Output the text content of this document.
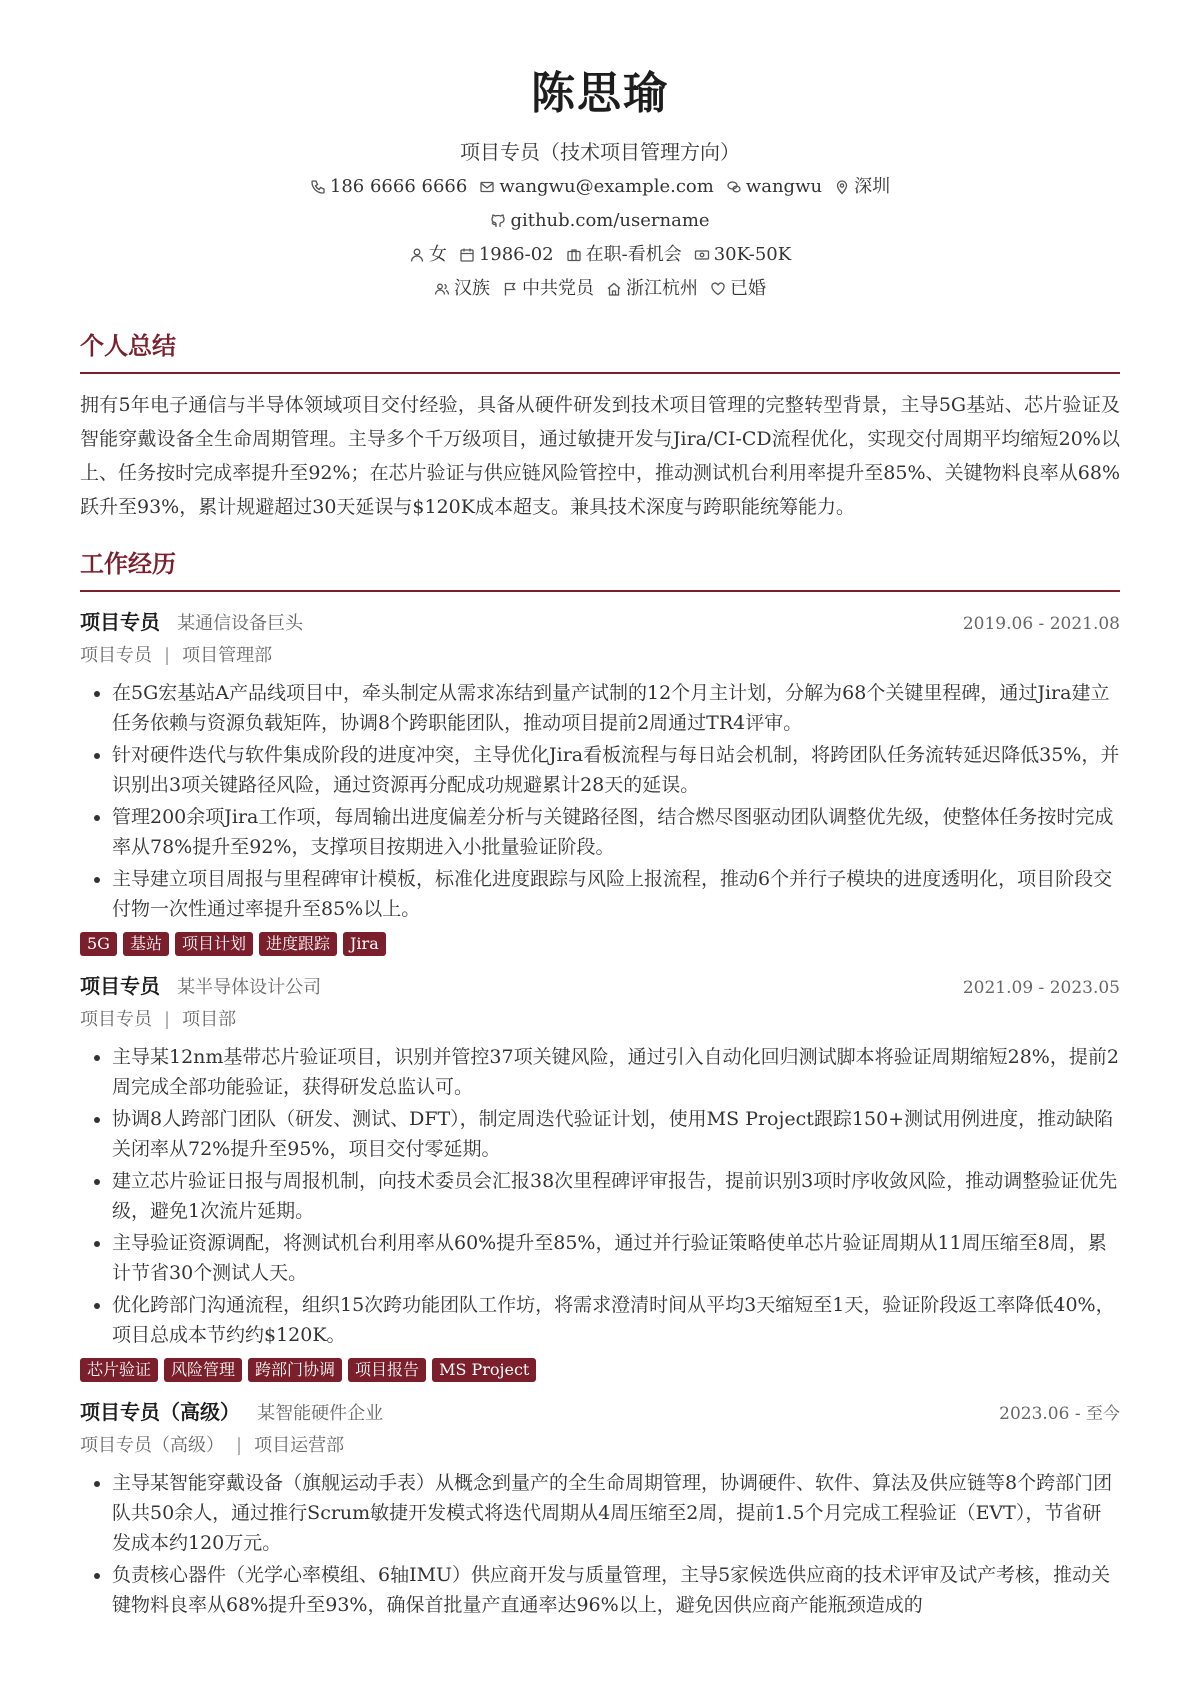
陈思瑜
项目专员（技术项目管理方向）
186 6666 6666 wangwu@example.com wangwu 深圳
github.com/username
女 1986-02 在职-看机会 30K-50K
汉族 中共党员 浙江杭州 已婚
个人总结
拥有5年电子通信与半导体领域项目交付经验，具备从硬件研发到技术项目管理的完整转型背景，主导5G基站、芯片验证及智能穿戴设备全生命周期管理。主导多个千万级项目，通过敏捷开发与Jira/CI-CD流程优化，实现交付周期平均缩短20%以上、任务按时完成率提升至92%；在芯片验证与供应链风险管控中，推动测试机台利用率提升至85%、关键物料良率从68%跃升至93%，累计规避超过30天延误与$120K成本超支。兼具技术深度与跨职能统筹能力。
工作经历
项目专员 某通信设备巨头	2019.06 - 2021.08
项目专员 | 项目管理部
• 在5G宏基站A产品线项目中，牵头制定从需求冻结到量产试制的12个月主计划，分解为68个关键里程碑，通过Jira建立任务依赖与资源负载矩阵，协调8个跨职能团队，推动项目提前2周通过TR4评审。
• 针对硬件迭代与软件集成阶段的进度冲突，主导优化Jira看板流程与每日站会机制，将跨团队任务流转延迟降低35%，并识别出3项关键路径风险，通过资源再分配成功规避累计28天的延误。
• 管理200余项Jira工作项，每周输出进度偏差分析与关键路径图，结合燃尽图驱动团队调整优先级，使整体任务按时完成率从78%提升至92%，支撑项目按期进入小批量验证阶段。
• 主导建立项目周报与里程碑审计模板，标准化进度跟踪与风险上报流程，推动6个并行子模块的进度透明化，项目阶段交付物一次性通过率提升至85%以上。
5G	基站	项目计划	进度跟踪	Jira
项目专员 某半导体设计公司	2021.09 - 2023.05
项目专员 | 项目部
• 主导某12nm基带芯片验证项目，识别并管控37项关键风险，通过引入自动化回归测试脚本将验证周期缩短28%，提前2周完成全部功能验证，获得研发总监认可。
• 协调8人跨部门团队（研发、测试、DFT），制定周迭代验证计划，使用MS Project跟踪150+测试用例进度，推动缺陷关闭率从72%提升至95%，项目交付零延期。
• 建立芯片验证日报与周报机制，向技术委员会汇报38次里程碑评审报告，提前识别3项时序收敛风险，推动调整验证优先级，避免1次流片延期。
• 主导验证资源调配，将测试机台利用率从60%提升至85%，通过并行验证策略使单芯片验证周期从11周压缩至8周，累计节省30个测试人天。
• 优化跨部门沟通流程，组织15次跨功能团队工作坊，将需求澄清时间从平均3天缩短至1天，验证阶段返工率降低40%，项目总成本节约约$120K。
芯片验证	风险管理	跨部门协调	项目报告	MS Project
项目专员（高级） 某智能硬件企业	2023.06 - 至今
项目专员（高级） | 项目运营部
• 主导某智能穿戴设备（旗舰运动手表）从概念到量产的全生命周期管理，协调硬件、软件、算法及供应链等8个跨部门团队共50余人，通过推行Scrum敏捷开发模式将迭代周期从4周压缩至2周，提前1.5个月完成工程验证（EVT），节省研发成本约120万元。
• 负责核心器件（光学心率模组、6轴IMU）供应商开发与质量管理，主导5家候选供应商的技术评审及试产考核，推动关键物料良率从68%提升至93%，确保首批量产直通率达96%以上，避免因供应商产能瓶颈造成的
